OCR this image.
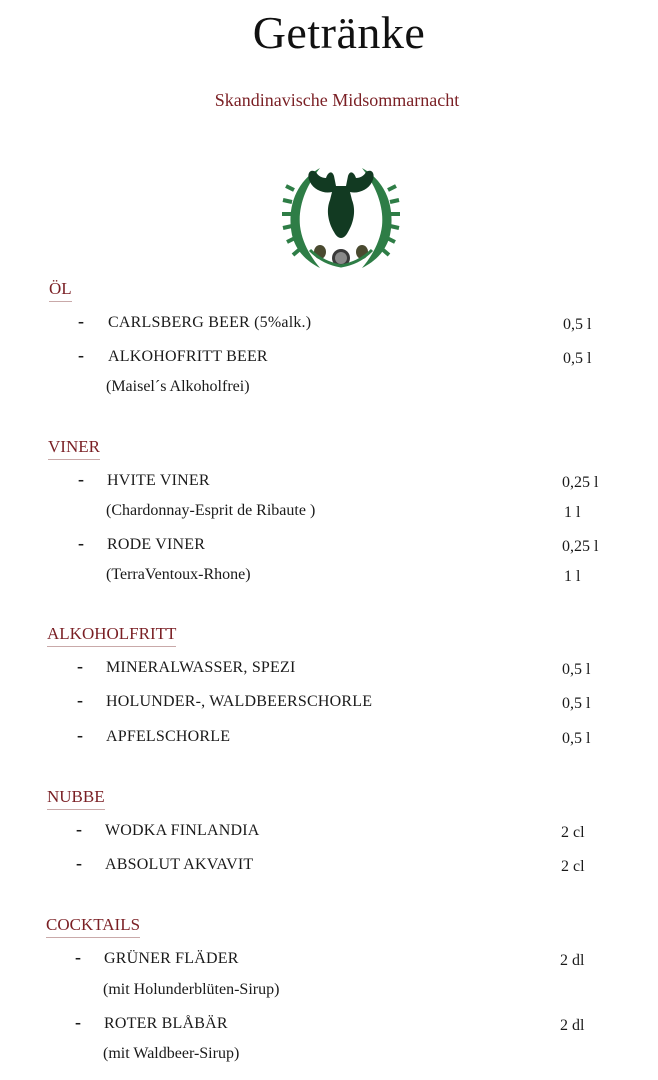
Getränke
Skandinavische Midsommarnacht
ÖL
- CARLSBERG BEER (5%alk.)	0,5 l
- ALKOHOFRITT BEER	0,5 l
(Maisel´s Alkoholfrei)
VINER
- HVITE VINER	0,25 l
(Chardonnay-Esprit de Ribaute )	1 l
- RODE VINER	0,25 l
(TerraVentoux-Rhone)	1 l
ALKOHOLFRITT
- MINERALWASSER, SPEZI	0,5 l
- HOLUNDER-, WALDBEERSCHORLE	0,5 l
- APFELSCHORLE	0,5 l
NUBBE
- WODKA FINLANDIA	2 cl
- ABSOLUT AKVAVIT	2 cl
COCKTAILS
- GRÜNER FLÄDER	2 dl
(mit Holunderblüten-Sirup)
- ROTER BLÅBÄR	2 dl
(mit Waldbeer-Sirup)
